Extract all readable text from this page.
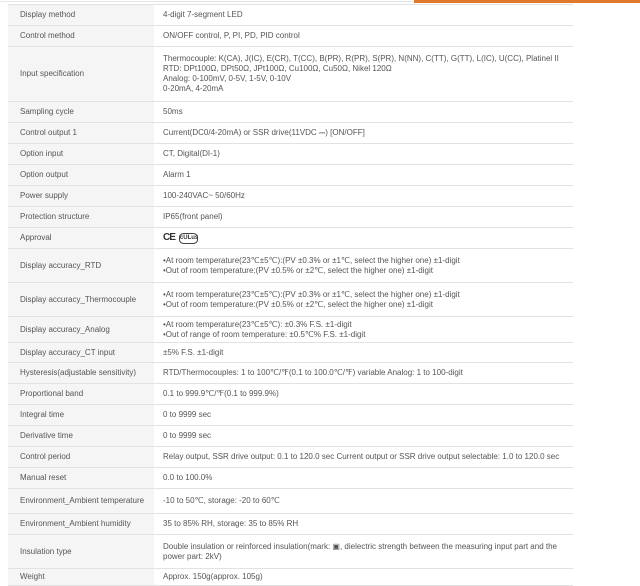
Display method	4-digit 7-segment LED

Control method	ON/OFF control, P, PI, PD, PID control

Input specification	Thermocouple: K(CA), J(IC), E(CR), T(CC), B(PR), R(PR), S(PR), N(NN), C(TT), G(TT), L(IC), U(CC), Platinel II
RTD: DPt100Ω, DPt50Ω, JPt100Ω, Cu100Ω, Cu50Ω, Nikel 120Ω
Analog: 0-100mV, 0-5V, 1-5V, 0-10V
0-20mA, 4-20mA

Sampling cycle	50ms

Control output 1	Current(DC0/4-20mA) or SSR drive(11VDC ⎓) [ON/OFF]

Option input	CT, Digital(DI-1)

Option output	Alarm 1

Power supply	100-240VAC~ 50/60Hz

Protection structure	IP65(front panel)

Approval	CE cULus

Display accuracy_RTD	•At room temperature(23℃±5℃):(PV ±0.3% or ±1℃, select the higher one) ±1-digit
•Out of room temperature:(PV ±0.5% or ±2℃, select the higher one) ±1-digit

Display accuracy_Thermocouple	•At room temperature(23℃±5℃):(PV ±0.3% or ±1℃, select the higher one) ±1-digit
•Out of room temperature:(PV ±0.5% or ±2℃, select the higher one) ±1-digit

Display accuracy_Analog	•At room temperature(23℃±5℃): ±0.3% F.S. ±1-digit
•Out of range of room temperature: ±0.5℃% F.S. ±1-digit

Display accuracy_CT input	±5% F.S. ±1-digit

Hysteresis(adjustable sensitivity)	RTD/Thermocouples: 1 to 100℃/℉(0.1 to 100.0℃/℉) variable Analog: 1 to 100-digit

Proportional band	0.1 to 999.9℃/℉(0.1 to 999.9%)

Integral time	0 to 9999 sec

Derivative time	0 to 9999 sec

Control period	Relay output, SSR drive output: 0.1 to 120.0 sec Current output or SSR drive output selectable: 1.0 to 120.0 sec

Manual reset	0.0 to 100.0%

Environment_Ambient temperature	-10 to 50℃, storage: -20 to 60℃

Environment_Ambient humidity	35 to 85% RH, storage: 35 to 85% RH

Insulation type	Double insulation or reinforced insulation(mark: ▣, dielectric strength between the measuring input part and the power part: 2kV)

Weight	Approx. 150g(approx. 105g)
